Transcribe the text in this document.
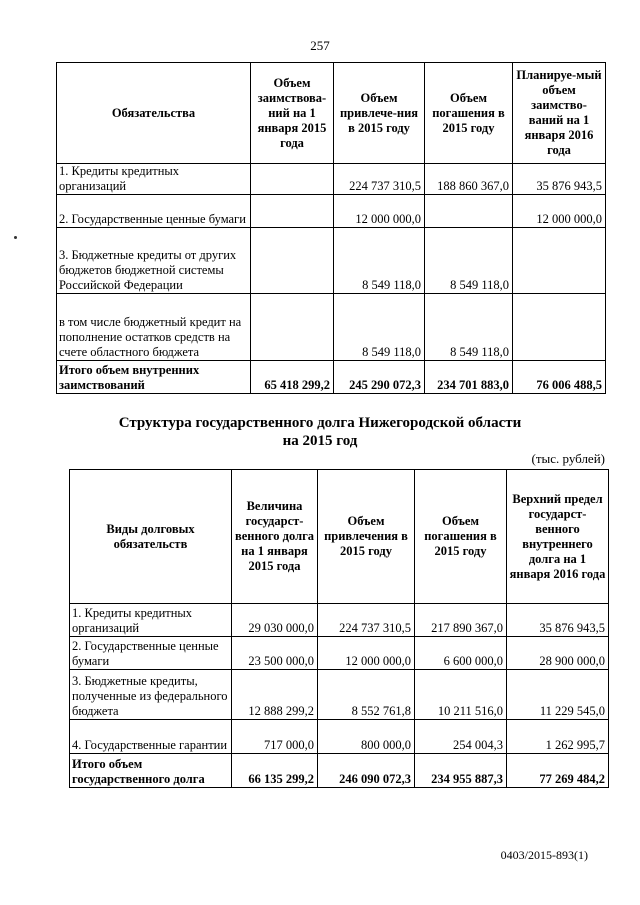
257
Обязательства	Объем заимствова-ний на 1 января 2015 года	Объем привлече-ния в 2015 году	Объем погашения в 2015 году	Планируе-мый объем заимство-ваний на 1 января 2016 года
1. Кредиты кредитных организаций		224 737 310,5	188 860 367,0	35 876 943,5
2. Государственные ценные бумаги		12 000 000,0		12 000 000,0
3. Бюджетные кредиты от других бюджетов бюджетной системы Российской Федерации		8 549 118,0	8 549 118,0	
в том числе бюджетный кредит на пополнение остатков средств на счете областного бюджета		8 549 118,0	8 549 118,0	
Итого объем внутренних заимствований	65 418 299,2	245 290 072,3	234 701 883,0	76 006 488,5
Структура государственного долга Нижегородской области
на 2015 год
(тыс. рублей)
Виды долговых обязательств	Величина государст-венного долга на 1 января 2015 года	Объем привлечения в 2015 году	Объем погашения в 2015 году	Верхний предел государст-венного внутреннего долга на 1 января 2016 года
1. Кредиты кредитных организаций	29 030 000,0	224 737 310,5	217 890 367,0	35 876 943,5
2. Государственные ценные бумаги	23 500 000,0	12 000 000,0	6 600 000,0	28 900 000,0
3. Бюджетные кредиты, полученные из федерального бюджета	12 888 299,2	8 552 761,8	10 211 516,0	11 229 545,0
4. Государственные гарантии	717 000,0	800 000,0	254 004,3	1 262 995,7
Итого объем государственного долга	66 135 299,2	246 090 072,3	234 955 887,3	77 269 484,2
0403/2015-893(1)
